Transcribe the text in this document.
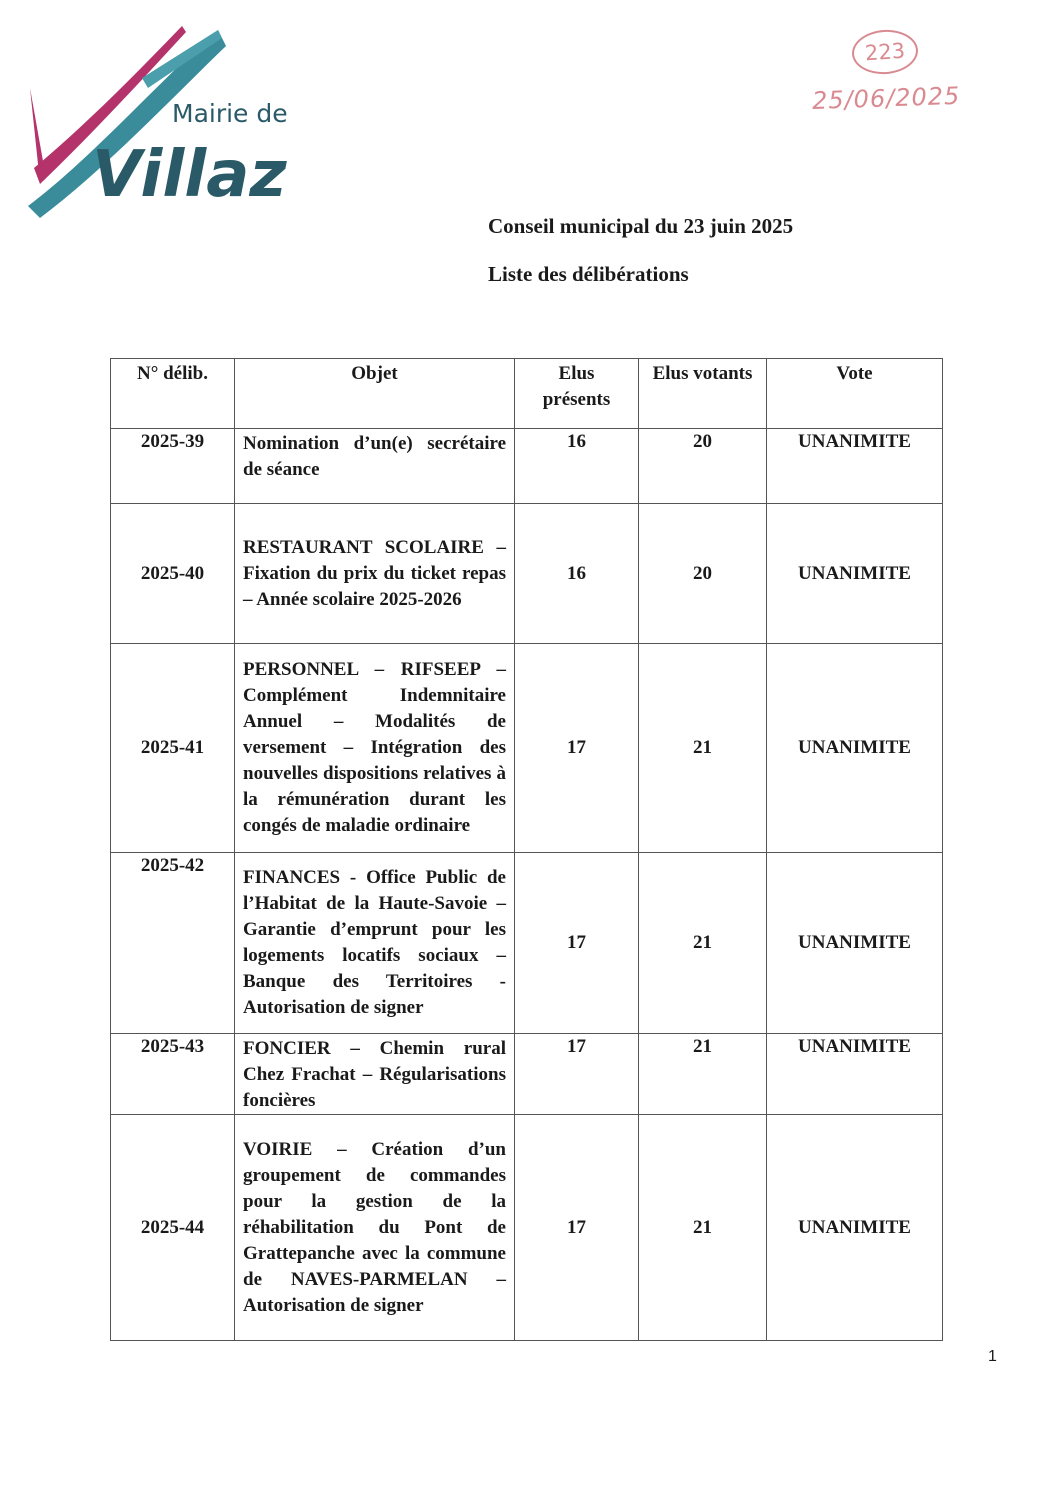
Mairie de
Villaz
223
25/06/2025
Conseil municipal du 23 juin 2025
Liste des délibérations
N° délib.	Objet	Elus présents	Elus votants	Vote
2025-39	Nomination d’un(e) secrétaire de séance	16	20	UNANIMITE
2025-40	RESTAURANT SCOLAIRE – Fixation du prix du ticket repas – Année scolaire 2025-2026	16	20	UNANIMITE
2025-41	PERSONNEL – RIFSEEP – Complément Indemnitaire Annuel – Modalités de versement – Intégration des nouvelles dispositions relatives à la rémunération durant les congés de maladie ordinaire	17	21	UNANIMITE
2025-42	FINANCES - Office Public de l’Habitat de la Haute-Savoie – Garantie d’emprunt pour les logements locatifs sociaux – Banque des Territoires - Autorisation de signer	17	21	UNANIMITE
2025-43	FONCIER – Chemin rural Chez Frachat – Régularisations foncières	17	21	UNANIMITE
2025-44	VOIRIE – Création d’un groupement de commandes pour la gestion de la réhabilitation du Pont de Grattepanche avec la commune de NAVES-PARMELAN – Autorisation de signer	17	21	UNANIMITE
1
